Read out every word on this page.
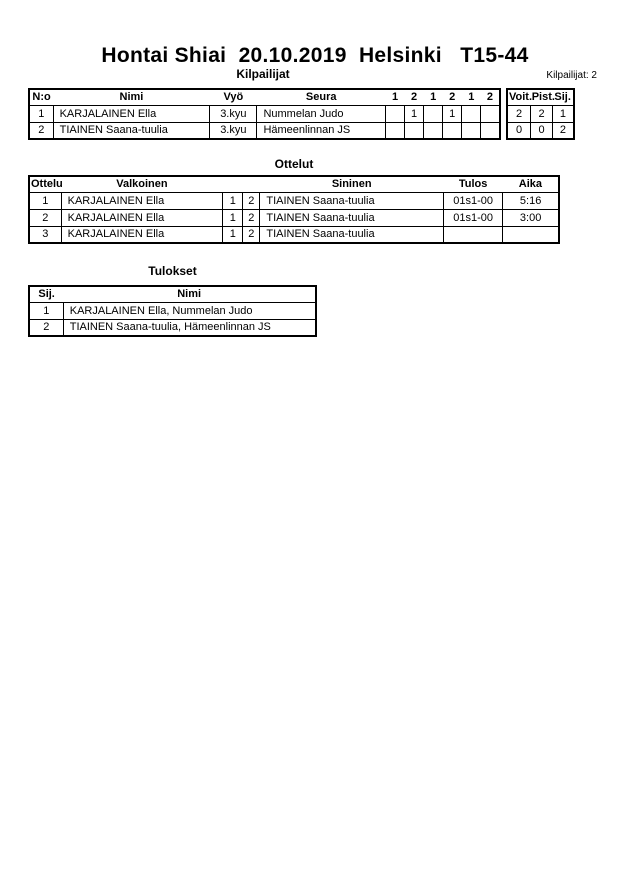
Hontai Shiai  20.10.2019  Helsinki   T15-44
Kilpailijat	Kilpailijat: 2
N:o	Nimi	Vyö	Seura	1	2	1	2	1	2
1	KARJALAINEN Ella	3.kyu	Nummelan Judo		1		1		
2	TIAINEN Saana-tuulia	3.kyu	Hämeenlinnan JS						
Voit.	Pist.	Sij.
2	2	1
0	0	2
Ottelut
Ottelu	Valkoinen			Sininen	Tulos	Aika
1	KARJALAINEN Ella	1	2	TIAINEN Saana-tuulia	01s1-00	5:16
2	KARJALAINEN Ella	1	2	TIAINEN Saana-tuulia	01s1-00	3:00
3	KARJALAINEN Ella	1	2	TIAINEN Saana-tuulia		
Tulokset
Sij.	Nimi
1	KARJALAINEN Ella, Nummelan Judo
2	TIAINEN Saana-tuulia, Hämeenlinnan JS
